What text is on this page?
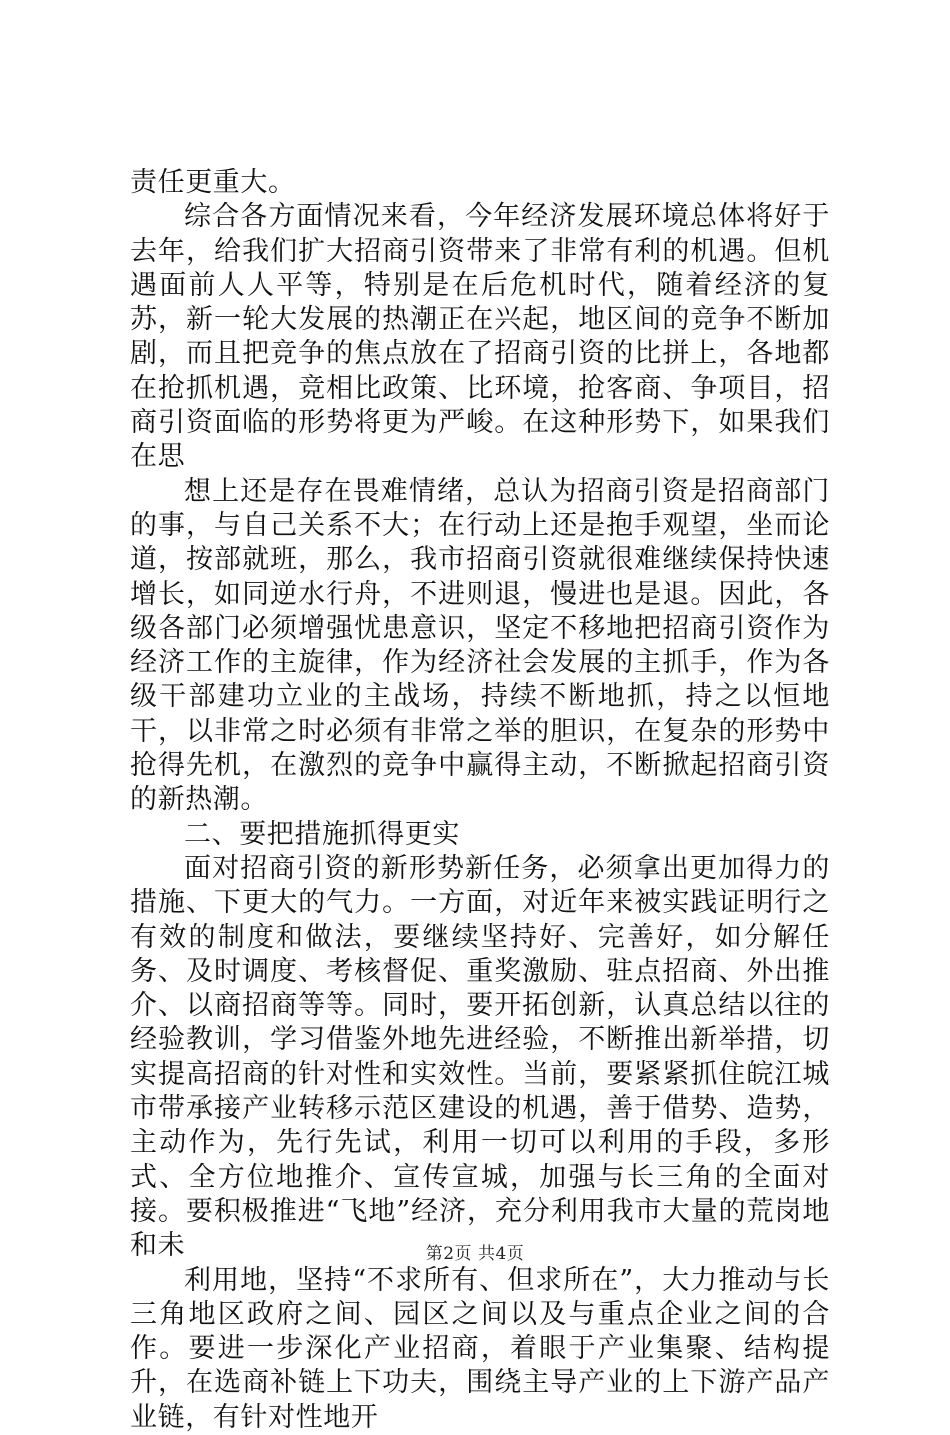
责任更重大。

综合各方面情况来看，今年经济发展环境总体将好于去年，给我们扩大招商引资带来了非常有利的机遇。但机遇面前人人平等，特别是在后危机时代，随着经济的复苏，新一轮大发展的热潮正在兴起，地区间的竞争不断加剧，而且把竞争的焦点放在了招商引资的比拼上，各地都在抢抓机遇，竞相比政策、比环境，抢客商、争项目，招商引资面临的形势将更为严峻。在这种形势下，如果我们在思

想上还是存在畏难情绪，总认为招商引资是招商部门的事，与自己关系不大；在行动上还是抱手观望，坐而论道，按部就班，那么，我市招商引资就很难继续保持快速增长，如同逆水行舟，不进则退，慢进也是退。因此，各级各部门必须增强忧患意识，坚定不移地把招商引资作为经济工作的主旋律，作为经济社会发展的主抓手，作为各级干部建功立业的主战场，持续不断地抓，持之以恒地干，以非常之时必须有非常之举的胆识，在复杂的形势中抢得先机，在激烈的竞争中赢得主动，不断掀起招商引资的新热潮。

二、要把措施抓得更实

面对招商引资的新形势新任务，必须拿出更加得力的措施、下更大的气力。一方面，对近年来被实践证明行之有效的制度和做法，要继续坚持好、完善好，如分解任务、及时调度、考核督促、重奖激励、驻点招商、外出推介、以商招商等等。同时，要开拓创新，认真总结以往的经验教训，学习借鉴外地先进经验，不断推出新举措，切实提高招商的针对性和实效性。当前，要紧紧抓住皖江城市带承接产业转移示范区建设的机遇，善于借势、造势，主动作为，先行先试，利用一切可以利用的手段，多形式、全方位地推介、宣传宣城，加强与长三角的全面对接。要积极推进“飞地”经济，充分利用我市大量的荒岗地和未

利用地，坚持“不求所有、但求所在”，大力推动与长三角地区政府之间、园区之间以及与重点企业之间的合作。要进一步深化产业招商，着眼于产业集聚、结构提升，在选商补链上下功夫，围绕主导产业的上下游产品产业链，有针对性地开

第2页 共4页
